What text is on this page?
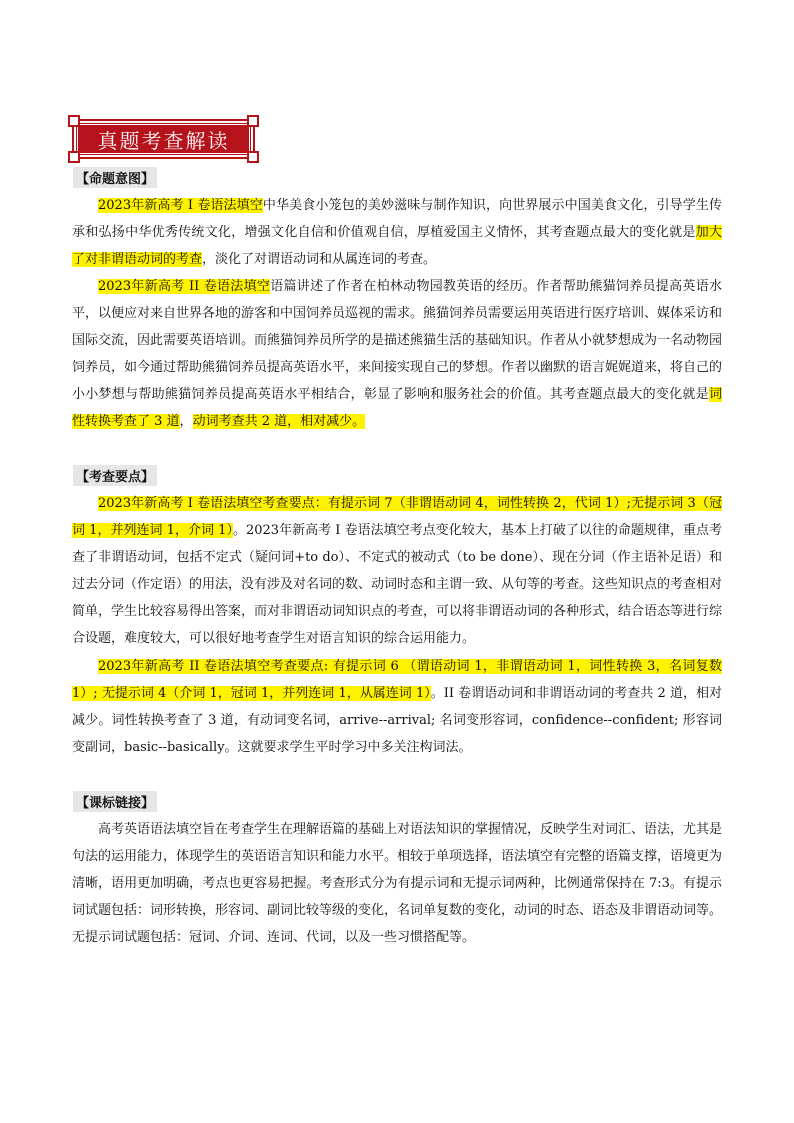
真题考查解读
【命题意图】

2023年新高考 I 卷语法填空中华美食小笼包的美妙滋味与制作知识，向世界展示中国美食文化，引导学生传承和弘扬中华优秀传统文化，增强文化自信和价值观自信，厚植爱国主义情怀，其考查题点最大的变化就是加大了对非谓语动词的考查，淡化了对谓语动词和从属连词的考查。

2023年新高考 II 卷语法填空语篇讲述了作者在柏林动物园教英语的经历。作者帮助熊猫饲养员提高英语水平，以便应对来自世界各地的游客和中国饲养员巡视的需求。熊猫饲养员需要运用英语进行医疗培训、媒体采访和国际交流，因此需要英语培训。而熊猫饲养员所学的是描述熊猫生活的基础知识。作者从小就梦想成为一名动物园饲养员，如今通过帮助熊猫饲养员提高英语水平，来间接实现自己的梦想。作者以幽默的语言娓娓道来，将自己的小小梦想与帮助熊猫饲养员提高英语水平相结合，彰显了影响和服务社会的价值。其考查题点最大的变化就是词性转换考查了 3 道，动词考查共 2 道，相对减少。

【考查要点】

2023年新高考 I 卷语法填空考查要点：有提示词 7（非谓语动词 4，词性转换 2，代词 1）;无提示词 3（冠词 1，并列连词 1，介词 1）。2023年新高考 I 卷语法填空考点变化较大，基本上打破了以往的命题规律，重点考查了非谓语动词，包括不定式（疑问词+to do）、不定式的被动式（to be done）、现在分词（作主语补足语）和过去分词（作定语）的用法，没有涉及对名词的数、动词时态和主谓一致、从句等的考查。这些知识点的考查相对简单，学生比较容易得出答案，而对非谓语动词知识点的考查，可以将非谓语动词的各种形式，结合语态等进行综合设题，难度较大，可以很好地考查学生对语言知识的综合运用能力。

2023年新高考 II 卷语法填空考查要点: 有提示词 6 （谓语动词 1，非谓语动词 1，词性转换 3，名词复数 1）; 无提示词 4（介词 1，冠词 1，并列连词 1，从属连词 1）。II 卷谓语动词和非谓语动词的考查共 2 道，相对减少。词性转换考查了 3 道，有动词变名词，arrive--arrival; 名词变形容词，confidence--confident; 形容词变副词，basic--basically。这就要求学生平时学习中多关注构词法。

【课标链接】

高考英语语法填空旨在考查学生在理解语篇的基础上对语法知识的掌握情况，反映学生对词汇、语法，尤其是句法的运用能力，体现学生的英语语言知识和能力水平。相较于单项选择，语法填空有完整的语篇支撑，语境更为清晰，语用更加明确，考点也更容易把握。考查形式分为有提示词和无提示词两种，比例通常保持在 7:3。有提示词试题包括：词形转换，形容词、副词比较等级的变化，名词单复数的变化，动词的时态、语态及非谓语动词等。无提示词试题包括：冠词、介词、连词、代词，以及一些习惯搭配等。
